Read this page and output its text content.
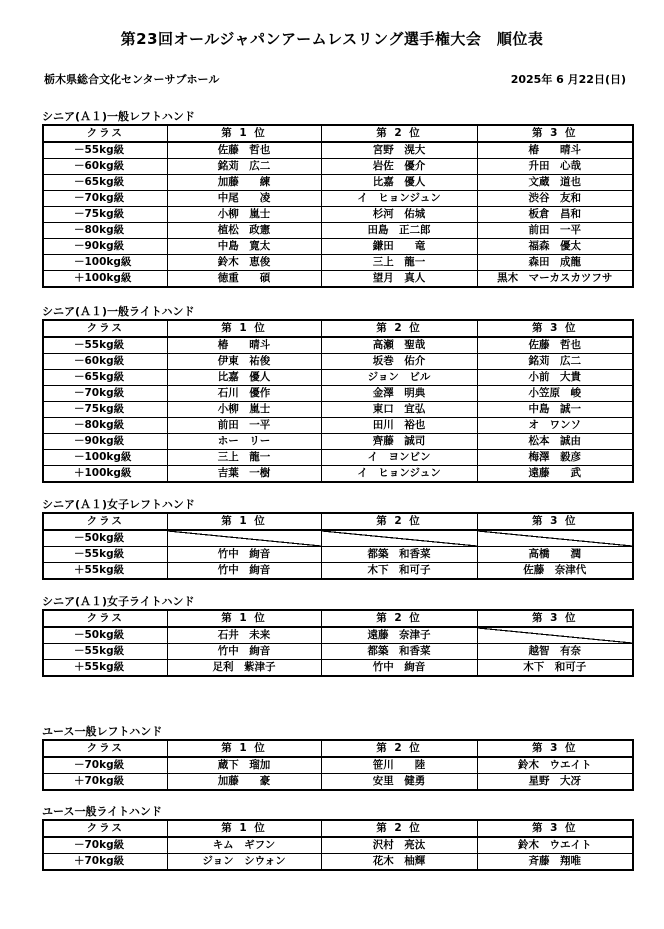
第23回オールジャパンアームレスリング選手権大会　順位表
栃木県総合文化センターサブホール	2025年 6 月22日(日)
シニア(Ａ１)一般レフトハンド
クラス	第 1 位	第 2 位	第 3 位
－55kg級	佐藤　哲也	宮野　滉大	椿　　晴斗
－60kg級	銘苅　広二	岩佐　優介	升田　心哉
－65kg級	加藤　　練	比嘉　優人	文蔵　道也
－70kg級	中尾　　凌	イ　ヒョンジュン	渋谷　友和
－75kg級	小柳　嵐士	杉河　佑城	板倉　昌和
－80kg級	植松　政憲	田島　正二郎	前田　一平
－90kg級	中島　寛太	鎌田　　竜	福森　優太
－100kg級	鈴木　恵俊	三上　龍一	森田　成龍
＋100kg級	徳重　　碩	望月　真人	黒木　マーカスカツフサ
シニア(Ａ１)一般ライトハンド
クラス	第 1 位	第 2 位	第 3 位
－55kg級	椿　　晴斗	高瀬　聖哉	佐藤　哲也
－60kg級	伊東　祐俊	坂巻　佑介	銘苅　広二
－65kg級	比嘉　優人	ジョン　ビル	小前　大貴
－70kg級	石川　優作	金澤　明典	小笠原　峻
－75kg級	小柳　嵐士	東口　宜弘	中島　誠一
－80kg級	前田　一平	田川　裕也	オ　ワンソ
－90kg級	ホー　リー	齊藤　誠司	松本　誠由
－100kg級	三上　龍一	イ　ヨンビン	梅澤　毅彦
＋100kg級	吉葉　一樹	イ　ヒョンジュン	遠藤　　武
シニア(Ａ１)女子レフトハンド
クラス	第 1 位	第 2 位	第 3 位
－50kg級			
－55kg級	竹中　絢音	都築　和香菜	高橋　　潤
＋55kg級	竹中　絢音	木下　和可子	佐藤　奈津代
シニア(Ａ１)女子ライトハンド
クラス	第 1 位	第 2 位	第 3 位
－50kg級	石井　未来	遠藤　奈津子	
－55kg級	竹中　絢音	都築　和香菜	越智　有奈
＋55kg級	足利　紫津子	竹中　絢音	木下　和可子
ユース一般レフトハンド
クラス	第 1 位	第 2 位	第 3 位
－70kg級	蔵下　瑠加	笹川　　陸	鈴木　ウエイト
＋70kg級	加藤　　豪	安里　健勇	星野　大冴
ユース一般ライトハンド
クラス	第 1 位	第 2 位	第 3 位
－70kg級	キム　ギフン	沢村　亮汰	鈴木　ウエイト
＋70kg級	ジョン　シウォン	花木　柚輝	斉藤　翔唯
